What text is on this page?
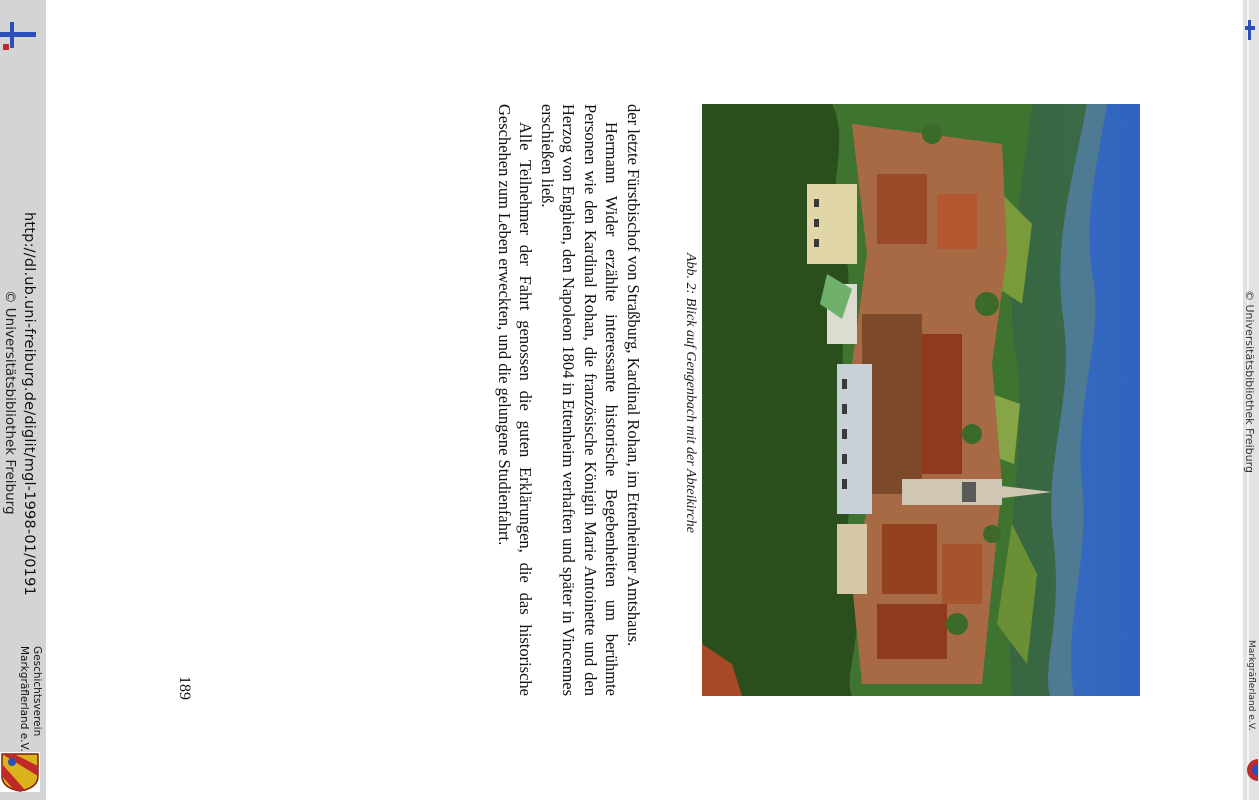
http://dl.ub.uni-freiburg.de/diglit/mgl-1998-01/0191
© Universitätsbibliothek Freiburg
Geschichtsverein
Markgräflerland e.V.
© Universitätsbibliothek Freiburg
Markgräflerland e.V.
Abb. 2: Blick auf Gengenbach mit der Abteikirche

der letzte Fürstbischof von Straßburg, Kardinal Rohan, im Ettenheimer Amtshaus.

Hermann Wider erzählte interessante historische Begebenheiten um berühmte Personen wie den Kardinal Rohan, die französische Königin Marie Antoinette und den Herzog von Enghien, den Napoleon 1804 in Ettenheim verhaften und später in Vincennes erschießen ließ.

Alle Teilnehmer der Fahrt genossen die guten Erklärungen, die das historische Geschehen zum Leben erweckten, und die gelungene Studienfahrt.

189
